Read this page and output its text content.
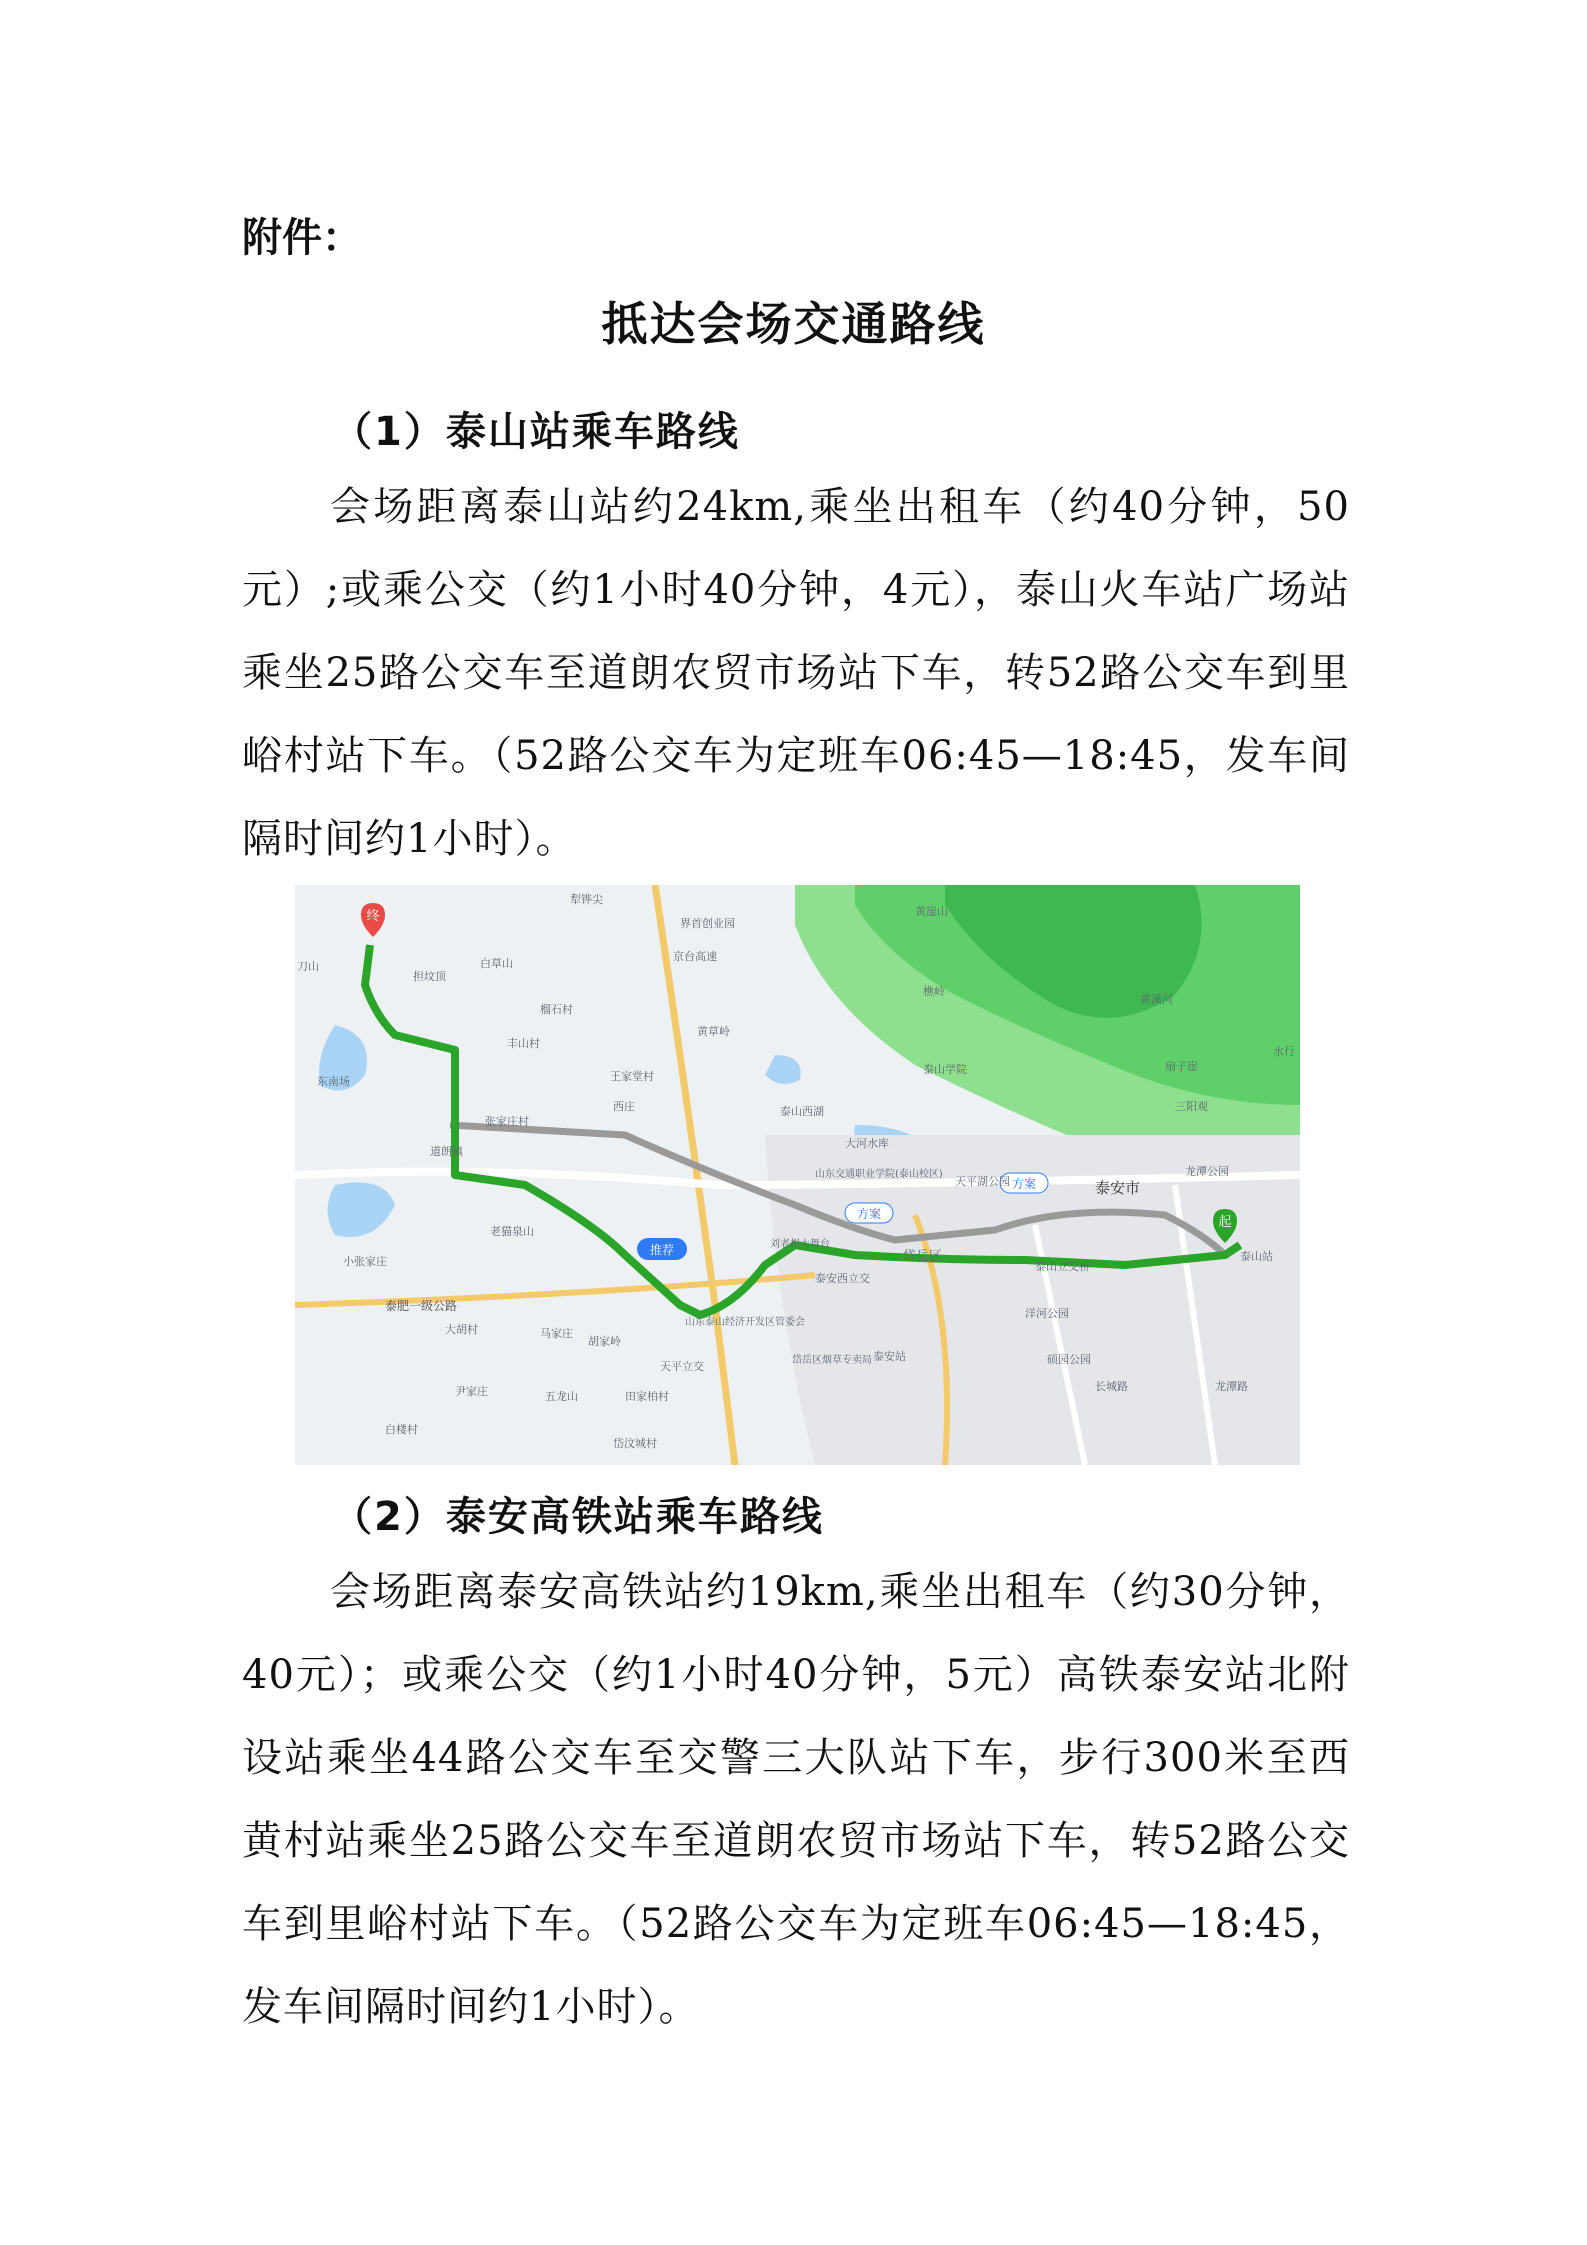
附件：
抵达会场交通路线
（1）泰山站乘车路线

会场距离泰山站约24km,乘坐出租车（约40分钟，50元）;或乘公交（约1小时40分钟，4元），泰山火车站广场站乘坐25路公交车至道朗农贸市场站下车，转52路公交车到里峪村站下车。（52路公交车为定班车06:45—18:45，发车间隔时间约1小时）。

终
起
推荐
方案
方案
犁铧尖
界首创业园
黄崖山
刀山	白草山
担坟顶
榴石村
丰山村
东南场	王家堂村
西庄
黄草岭
泰山西湖
泰山学院
黄溪河
扇子崖
三阳观
龙潭公园
大河水库
山东交通职业学院(泰山校区)
天平湖公园	泰安市
道朗镇
老猫泉山
小张家庄
泰肥一级公路
山东泰山经济开发区管委会
泰安西立交
岱岳区	泰山站
泰山立交桥
洋河公园
硕园公园
泰安站
岱岳区烟草专卖局
天平立交
大胡村	马家庄
胡家岭
尹家庄	五龙山
白楼村
田家柏村
岱汶城村
长城路	龙潭路
京台高速
樵岭
刘老根大舞台
张家庄村
水行
（2）泰安高铁站乘车路线

会场距离泰安高铁站约19km,乘坐出租车（约30分钟，40元）；或乘公交（约1小时40分钟，5元）高铁泰安站北附设站乘坐44路公交车至交警三大队站下车，步行300米至西黄村站乘坐25路公交车至道朗农贸市场站下车，转52路公交车到里峪村站下车。（52路公交车为定班车06:45—18:45，发车间隔时间约1小时）。
